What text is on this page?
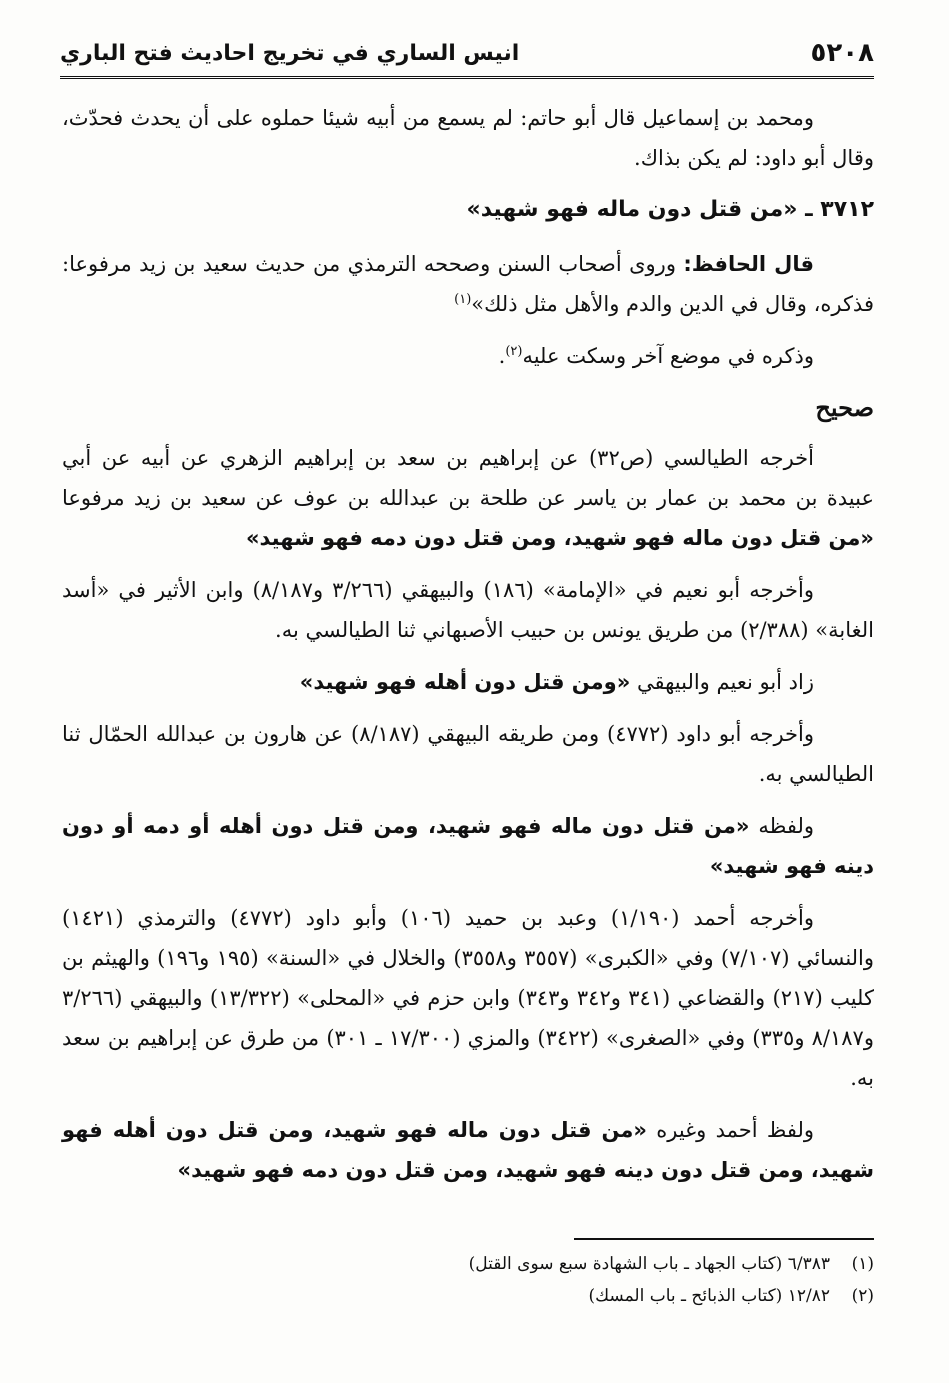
٥٢٠٨
انيس الساري في تخريج احاديث فتح الباري

ومحمد بن إسماعيل قال أبو حاتم: لم يسمع من أبيه شيئا حملوه على أن يحدث فحدّث، وقال أبو داود: لم يكن بذاك.

٣٧١٢ ـ «من قتل دون ماله فهو شهيد»

قال الحافظ: وروى أصحاب السنن وصححه الترمذي من حديث سعيد بن زيد مرفوعا: فذكره، وقال في الدين والدم والأهل مثل ذلك»$^{(١)}$

وذكره في موضع آخر وسكت عليه$^{(٢)}$.

صحيح

أخرجه الطيالسي (ص٣٢) عن إبراهيم بن سعد بن إبراهيم الزهري عن أبيه عن أبي عبيدة بن محمد بن عمار بن ياسر عن طلحة بن عبدالله بن عوف عن سعيد بن زيد مرفوعا «من قتل دون ماله فهو شهيد، ومن قتل دون دمه فهو شهيد»

وأخرجه أبو نعيم في «الإمامة» (١٨٦) والبيهقي (٣/٢٦٦ و٨/١٨٧) وابن الأثير في «أسد الغابة» (٢/٣٨٨) من طريق يونس بن حبيب الأصبهاني ثنا الطيالسي به.

زاد أبو نعيم والبيهقي «ومن قتل دون أهله فهو شهيد»

وأخرجه أبو داود (٤٧٧٢) ومن طريقه البيهقي (٨/١٨٧) عن هارون بن عبدالله الحمّال ثنا الطيالسي به.

ولفظه «من قتل دون ماله فهو شهيد، ومن قتل دون أهله أو دمه أو دون دينه فهو شهيد»

وأخرجه أحمد (١/١٩٠) وعبد بن حميد (١٠٦) وأبو داود (٤٧٧٢) والترمذي (١٤٢١) والنسائي (٧/١٠٧) وفي «الكبرى» (٣٥٥٧ و٣٥٥٨) والخلال في «السنة» (١٩٥ و١٩٦) والهيثم بن كليب (٢١٧) والقضاعي (٣٤١ و٣٤٢ و٣٤٣) وابن حزم في «المحلى» (١٣/٣٢٢) والبيهقي (٣/٢٦٦ و٨/١٨٧ و٣٣٥) وفي «الصغرى» (٣٤٢٢) والمزي (١٧/٣٠٠ ـ ٣٠١) من طرق عن إبراهيم بن سعد به.

ولفظ أحمد وغيره «من قتل دون ماله فهو شهيد، ومن قتل دون أهله فهو شهيد، ومن قتل دون دينه فهو شهيد، ومن قتل دون دمه فهو شهيد»

(١)
٦/٣٨٣ (كتاب الجهاد ـ باب الشهادة سبع سوى القتل)
(٢)
١٢/٨٢ (كتاب الذبائح ـ باب المسك)
